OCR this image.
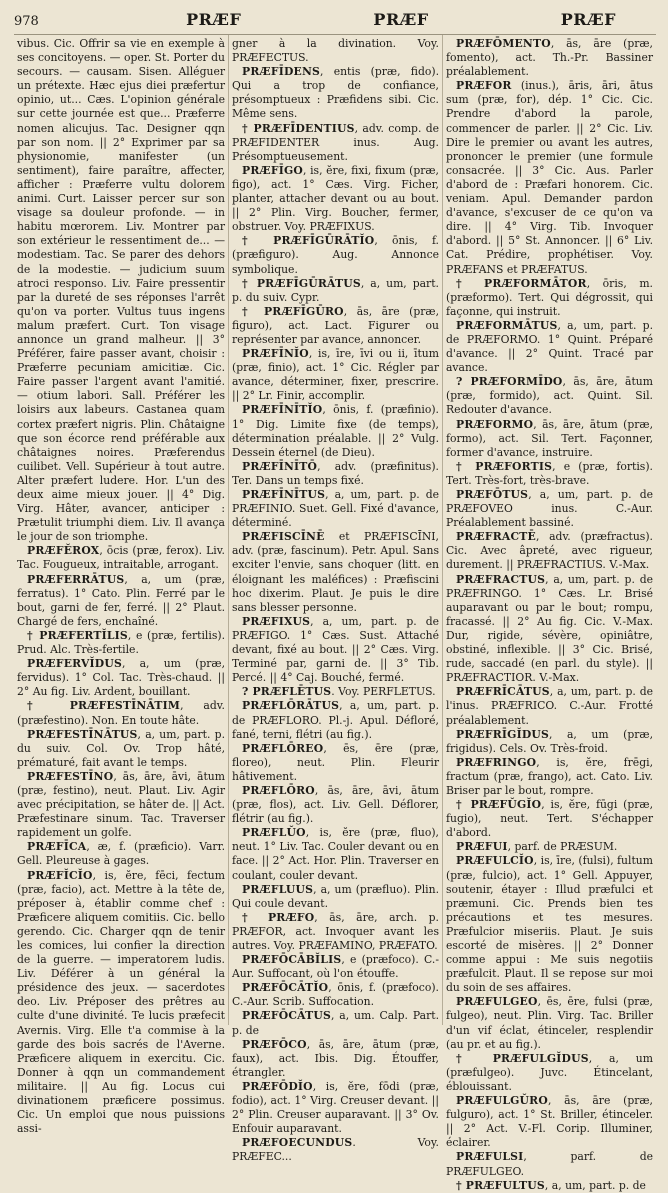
978	PRÆF	PRÆF	PRÆF

vibus. Cic. Offrir sa vie en exemple à ses concitoyens. — oper. St. Porter du secours. — causam. Sisen. Alléguer un prétexte. Hæc ejus diei præfertur opinio, ut... Cæs. L'opinion générale sur cette journée est que... Præferre nomen alicujus. Tac. Designer qqn par son nom. || 2° Exprimer par sa physionomie, manifester (un sentiment), faire paraître, affecter, afficher : Præferre vultu dolorem animi. Curt. Laisser percer sur son visage sa douleur profonde. — in habitu mœrorem. Liv. Montrer par son extérieur le ressentiment de... — modestiam. Tac. Se parer des dehors de la modestie. — judicium suum atroci responso. Liv. Faire pressentir par la dureté de ses réponses l'arrêt qu'on va porter. Vultus tuus ingens malum præfert. Curt. Ton visage annonce un grand malheur. || 3° Préférer, faire passer avant, choisir : Præferre pecuniam amicitiæ. Cic. Faire passer l'argent avant l'amitié. — otium labori. Sall. Préférer les loisirs aux labeurs. Castanea quam cortex præfert nigris. Plin. Châtaigne que son écorce rend préférable aux châtaignes noires. Præferendus cuilibet. Vell. Supérieur à tout autre. Alter præfert ludere. Hor. L'un des deux aime mieux jouer. || 4° Dig. Virg. Hâter, avancer, anticiper : Prætulit triumphi diem. Liv. Il avança le jour de son triomphe.

PRÆFĔROX, ōcis (præ, ferox). Liv. Tac. Fougueux, intraitable, arrogant.

PRÆFERRĀTUS, a, um (præ, ferratus). 1° Cato. Plin. Ferré par le bout, garni de fer, ferré. || 2° Plaut. Chargé de fers, enchaîné.

† PRÆFERTĬLIS, e (præ, fertilis). Prud. Alc. Très-fertile.

PRÆFERVĬDUS, a, um (præ, fervidus). 1° Col. Tac. Très-chaud. || 2° Au fig. Liv. Ardent, bouillant.

† PRÆFESTĪNĀTIM, adv. (præfestino). Non. En toute hâte.

PRÆFESTĪNĀTUS, a, um, part. p. du suiv. Col. Ov. Trop hâté, prématuré, fait avant le temps.

PRÆFESTĪNO, ās, āre, āvi, ātum (præ, festino), neut. Plaut. Liv. Agir avec précipitation, se hâter de. || Act. Præfestinare sinum. Tac. Traverser rapidement un golfe.

PRÆFĪCA, æ, f. (præficio). Varr. Gell. Pleureuse à gages.

PRÆFĬCĬO, is, ĕre, fēci, fectum (præ, facio), act. Mettre à la tête de, préposer à, établir comme chef : Præficere aliquem comitiis. Cic. bello gerendo. Cic. Charger qqn de tenir les comices, lui confier la direction de la guerre. — imperatorem ludis. Liv. Déférer à un général la présidence des jeux. — sacerdotes deo. Liv. Préposer des prêtres au culte d'une divinité. Te lucis præfecit Avernis. Virg. Elle t'a commise à la garde des bois sacrés de l'Averne. Præficere aliquem in exercitu. Cic. Donner à qqn un commandement militaire. || Au fig. Locus cui divinationem præficere possimus. Cic. Un emploi que nous puissions assi-

gner à la divination. Voy. PRÆFECTUS.

PRÆFĪDENS, entis (præ, fido). Qui a trop de confiance, présomptueux : Præfidens sibi. Cic. Même sens.

† PRÆFĪDENTIUS, adv. comp. de PRÆFIDENTER inus. Aug. Présomptueusement.

PRÆFĪGO, is, ĕre, fixi, fixum (præ, figo), act. 1° Cæs. Virg. Ficher, planter, attacher devant ou au bout. || 2° Plin. Virg. Boucher, fermer, obstruer. Voy. PRÆFIXUS.

† PRÆFĪGŪRĀTĬO, ōnis, f. (præfiguro). Aug. Annonce symbolique.

† PRÆFĪGŪRĀTUS, a, um, part. p. du suiv. Cypr.

† PRÆFĪGŪRO, ās, āre (præ, figuro), act. Lact. Figurer ou représenter par avance, annoncer.

PRÆFĪNĬO, is, īre, īvi ou ii, ītum (præ, finio), act. 1° Cic. Régler par avance, déterminer, fixer, prescrire. || 2° Lr. Finir, accomplir.

PRÆFĪNĪTĬO, ōnis, f. (præfinio). 1° Dig. Limite fixe (de temps), détermination préalable. || 2° Vulg. Dessein éternel (de Dieu).

PRÆFĪNĪTŌ, adv. (præfinitus). Ter. Dans un temps fixé.

PRÆFĪNĪTUS, a, um, part. p. de PRÆFINIO. Suet. Gell. Fixé d'avance, déterminé.

PRÆFISCĪNĒ et PRÆFISCĪNI, adv. (præ, fascinum). Petr. Apul. Sans exciter l'envie, sans choquer (litt. en éloignant les maléfices) : Præfiscini hoc dixerim. Plaut. Je puis le dire sans blesser personne.

PRÆFIXUS, a, um, part. p. de PRÆFIGO. 1° Cæs. Sust. Attaché devant, fixé au bout. || 2° Cæs. Virg. Terminé par, garni de. || 3° Tib. Percé. || 4° Caj. Bouché, fermé.

? PRÆFLĒTUS. Voy. PERFLETUS.

PRÆFLŌRĀTUS, a, um, part. p. de PRÆFLORO. Pl.-j. Apul. Défloré, fané, terni, flétri (au fig.).

PRÆFLŌREO, ēs, ēre (præ, floreo), neut. Plin. Fleurir hâtivement.

PRÆFLŌRO, ās, āre, āvi, ātum (præ, flos), act. Liv. Gell. Déflorer, flétrir (au fig.).

PRÆFLŬO, is, ĕre (præ, fluo), neut. 1° Liv. Tac. Couler devant ou en face. || 2° Act. Hor. Plin. Traverser en coulant, couler devant.

PRÆFLUUS, a, um (præfluo). Plin. Qui coule devant.

† PRÆFO, ās, āre, arch. p. PRÆFOR, act. Invoquer avant les autres. Voy. PRÆFAMINO, PRÆFATO.

PRÆFŌCĀBĬLIS, e (præfoco). C.-Aur. Suffocant, où l'on étouffe.

PRÆFŌCĀTĬO, ōnis, f. (præfoco). C.-Aur. Scrib. Suffocation.

PRÆFŌCĀTUS, a, um. Calp. Part. p. de

PRÆFŌCO, ās, āre, ātum (præ, faux), act. Ibis. Dig. Étouffer, étrangler.

PRÆFŌDĬO, is, ĕre, fōdi (præ, fodio), act. 1° Virg. Creuser devant. || 2° Plin. Creuser auparavant. || 3° Ov. Enfouir auparavant.

PRÆFOECUNDUS. Voy. PRÆFEC...

PRÆFŌMENTO, ās, āre (præ, fomento), act. Th.-Pr. Bassiner préalablement.

PRÆFOR (inus.), āris, āri, ātus sum (præ, for), dép. 1° Cic. Cic. Prendre d'abord la parole, commencer de parler. || 2° Cic. Liv. Dire le premier ou avant les autres, prononcer le premier (une formule consacrée. || 3° Cic. Aus. Parler d'abord de : Præfari honorem. Cic. veniam. Apul. Demander pardon d'avance, s'excuser de ce qu'on va dire. || 4° Virg. Tib. Invoquer d'abord. || 5° St. Annoncer. || 6° Liv. Cat. Prédire, prophétiser. Voy. PRÆFANS et PRÆFATUS.

† PRÆFORMĀTOR, ōris, m. (præformo). Tert. Qui dégrossit, qui façonne, qui instruit.

PRÆFORMĀTUS, a, um, part. p. de PRÆFORMO. 1° Quint. Préparé d'avance. || 2° Quint. Tracé par avance.

? PRÆFORMĪDO, ās, āre, ātum (præ, formido), act. Quint. Sil. Redouter d'avance.

PRÆFORMO, ās, āre, ātum (præ, formo), act. Sil. Tert. Façonner, former d'avance, instruire.

† PRÆFORTIS, e (præ, fortis). Tert. Très-fort, très-brave.

PRÆFŌTUS, a, um, part. p. de PRÆFOVEO inus. C.-Aur. Préalablement bassiné.

PRÆFRACTĒ, adv. (præfractus). Cic. Avec âpreté, avec rigueur, durement. || PRÆFRACTIUS. V.-Max.

PRÆFRACTUS, a, um, part. p. de PRÆFRINGO. 1° Cæs. Lr. Brisé auparavant ou par le bout; rompu, fracassé. || 2° Au fig. Cic. V.-Max. Dur, rigide, sévère, opiniâtre, obstiné, inflexible. || 3° Cic. Brisé, rude, saccadé (en parl. du style). || PRÆFRACTIOR. V.-Max.

PRÆFRĪCĀTUS, a, um, part. p. de l'inus. PRÆFRICO. C.-Aur. Frotté préalablement.

PRÆFRĪGĬDUS, a, um (præ, frigidus). Cels. Ov. Très-froid.

PRÆFRINGO, is, ĕre, frēgi, fractum (præ, frango), act. Cato. Liv. Briser par le bout, rompre.

† PRÆFŬGĬO, is, ĕre, fūgi (præ, fugio), neut. Tert. S'échapper d'abord.

PRÆFUI, parf. de PRÆSUM.

PRÆFULCĬO, is, īre, (fulsi), fultum (præ, fulcio), act. 1° Gell. Appuyer, soutenir, étayer : Illud præfulci et præmuni. Cic. Prends bien tes précautions et tes mesures. Præfulcior miseriis. Plaut. Je suis escorté de misères. || 2° Donner comme appui : Me suis negotiis præfulcit. Plaut. Il se repose sur moi du soin de ses affaires.

PRÆFULGEO, ēs, ēre, fulsi (præ, fulgeo), neut. Plin. Virg. Tac. Briller d'un vif éclat, étinceler, resplendir (au pr. et au fig.).

† PRÆFULGĬDUS, a, um (præfulgeo). Juvc. Étincelant, éblouissant.

PRÆFULGŬRO, ās, āre (præ, fulguro), act. 1° St. Briller, étinceler. || 2° Act. V.-Fl. Corip. Illuminer, éclairer.

PRÆFULSI, parf. de PRÆFULGEO.

† PRÆFULTUS, a, um, part. p. de
